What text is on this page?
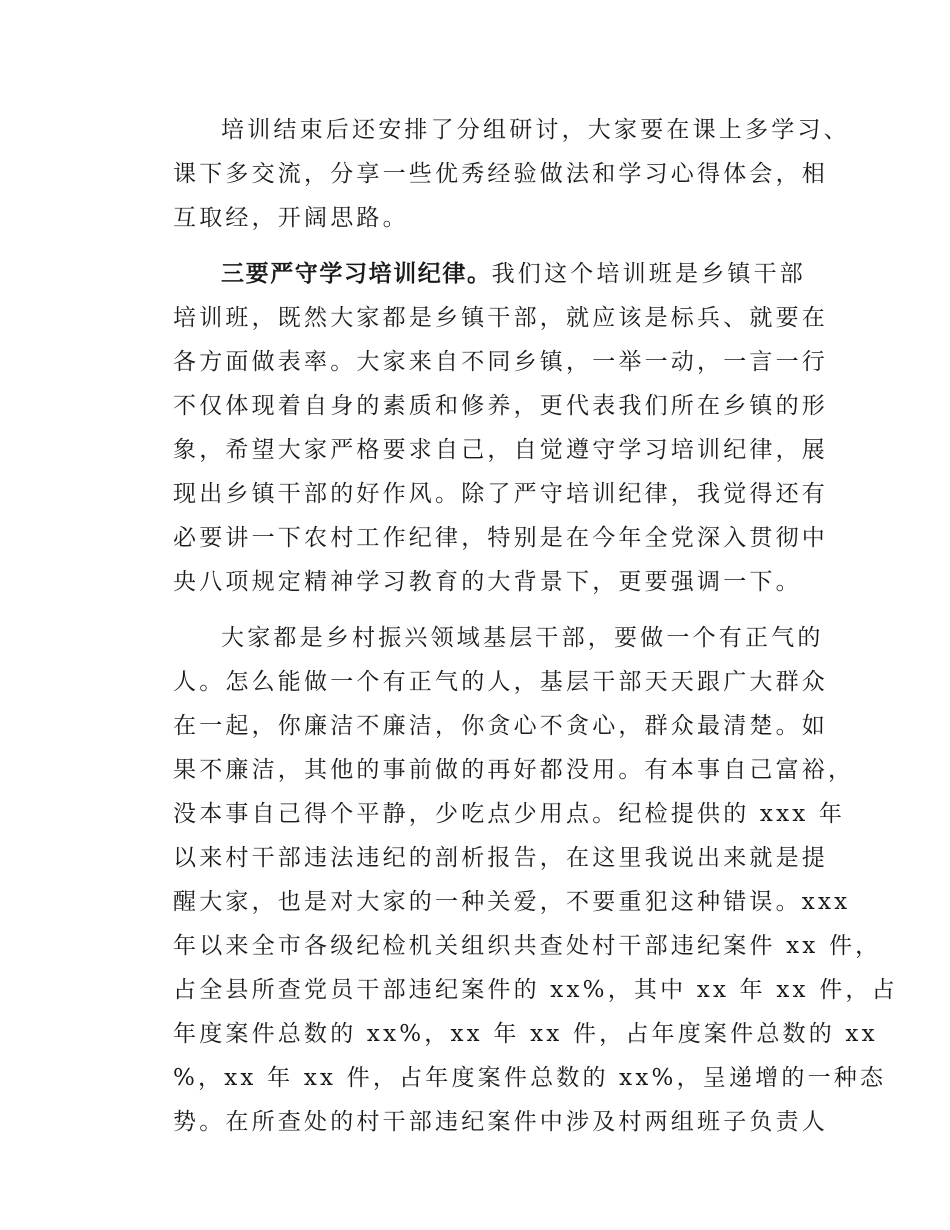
培训结束后还安排了分组研讨，大家要在课上多学习、
课下多交流，分享一些优秀经验做法和学习心得体会，相
互取经，开阔思路。
三要严守学习培训纪律。我们这个培训班是乡镇干部
培训班，既然大家都是乡镇干部，就应该是标兵、就要在
各方面做表率。大家来自不同乡镇，一举一动，一言一行
不仅体现着自身的素质和修养，更代表我们所在乡镇的形
象，希望大家严格要求自己，自觉遵守学习培训纪律，展
现出乡镇干部的好作风。除了严守培训纪律，我觉得还有
必要讲一下农村工作纪律，特别是在今年全党深入贯彻中
央八项规定精神学习教育的大背景下，更要强调一下。
大家都是乡村振兴领域基层干部，要做一个有正气的
人。怎么能做一个有正气的人，基层干部天天跟广大群众
在一起，你廉洁不廉洁，你贪心不贪心，群众最清楚。如
果不廉洁，其他的事前做的再好都没用。有本事自己富裕，
没本事自己得个平静，少吃点少用点。纪检提供的 xxx 年
以来村干部违法违纪的剖析报告，在这里我说出来就是提
醒大家，也是对大家的一种关爱，不要重犯这种错误。xxx
年以来全市各级纪检机关组织共查处村干部违纪案件 xx 件，
占全县所查党员干部违纪案件的 xx%，其中 xx 年 xx 件，占
年度案件总数的 xx%，xx 年 xx 件，占年度案件总数的 xx
%，xx 年 xx 件，占年度案件总数的 xx%，呈递增的一种态
势。在所查处的村干部违纪案件中涉及村两组班子负责人
